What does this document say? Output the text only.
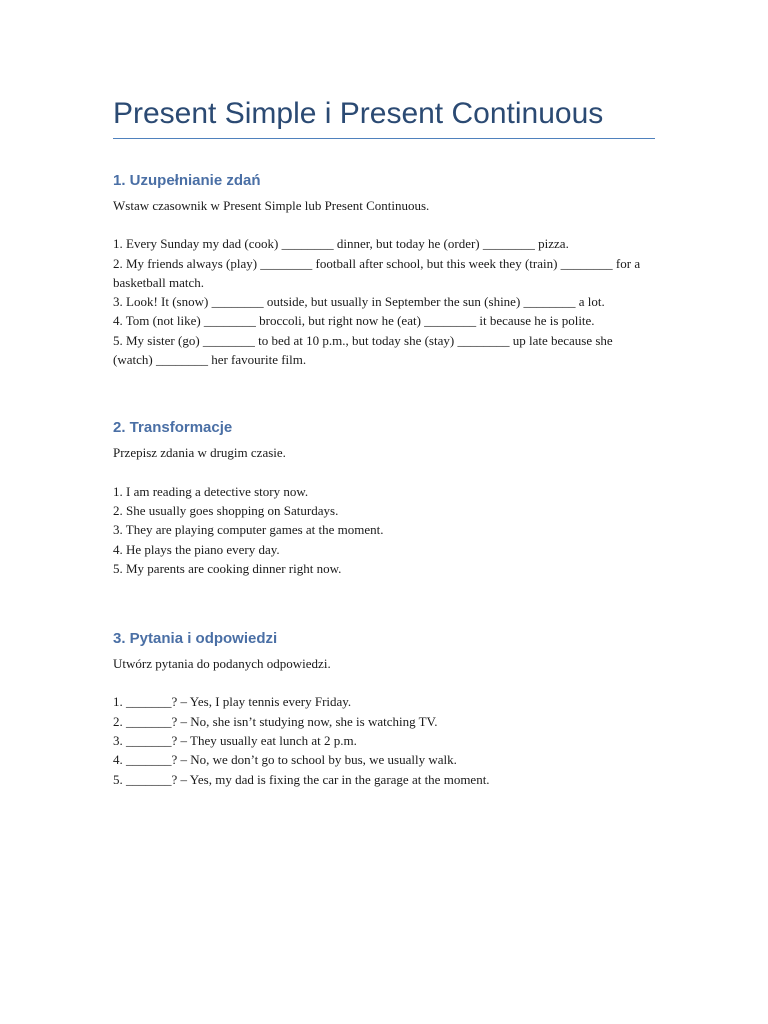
Present Simple i Present Continuous
1. Uzupełnianie zdań

Wstaw czasownik w Present Simple lub Present Continuous.

1. Every Sunday my dad (cook) ________ dinner, but today he (order) ________ pizza.
2. My friends always (play) ________ football after school, but this week they (train) ________ for a basketball match.
3. Look! It (snow) ________ outside, but usually in September the sun (shine) ________ a lot.
4. Tom (not like) ________ broccoli, but right now he (eat) ________ it because he is polite.
5. My sister (go) ________ to bed at 10 p.m., but today she (stay) ________ up late because she (watch) ________ her favourite film.
2. Transformacje

Przepisz zdania w drugim czasie.

1. I am reading a detective story now.
2. She usually goes shopping on Saturdays.
3. They are playing computer games at the moment.
4. He plays the piano every day.
5. My parents are cooking dinner right now.
3. Pytania i odpowiedzi

Utwórz pytania do podanych odpowiedzi.

1. _______? – Yes, I play tennis every Friday.
2. _______? – No, she isn’t studying now, she is watching TV.
3. _______? – They usually eat lunch at 2 p.m.
4. _______? – No, we don’t go to school by bus, we usually walk.
5. _______? – Yes, my dad is fixing the car in the garage at the moment.
